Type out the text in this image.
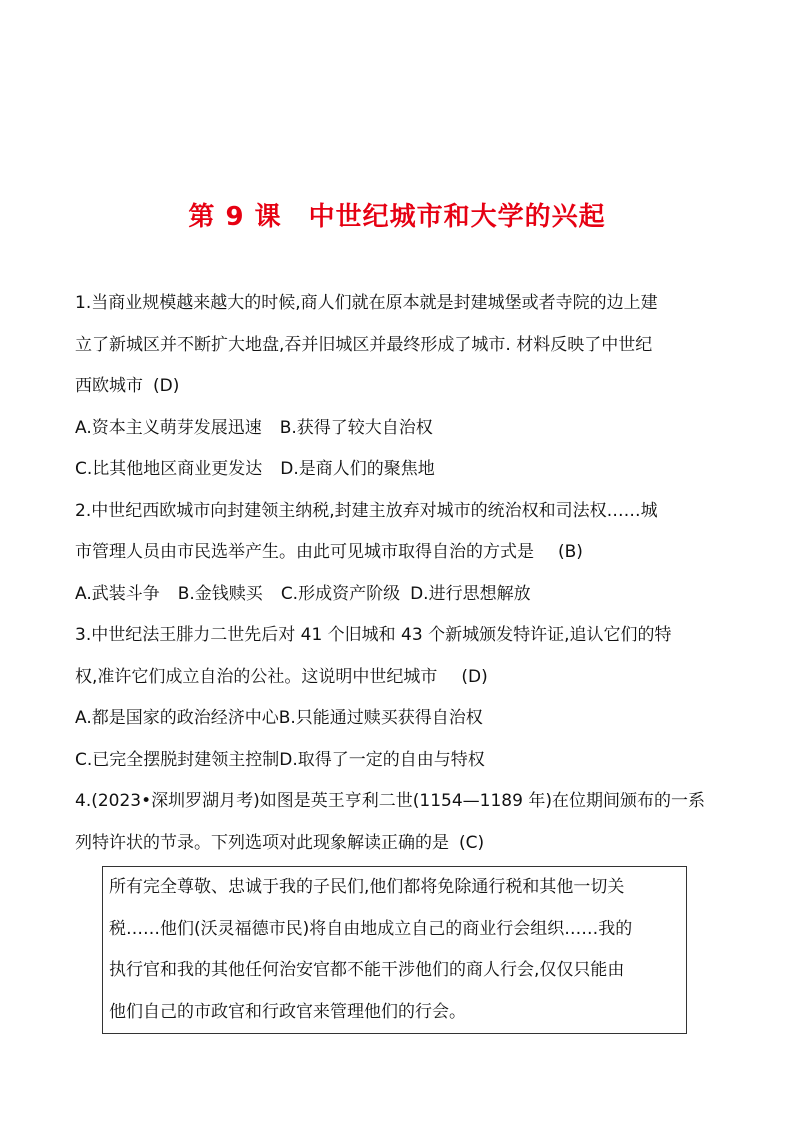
第 9 课　中世纪城市和大学的兴起
1.当商业规模越来越大的时候,商人们就在原本就是封建城堡或者寺院的边上建
立了新城区并不断扩大地盘,吞并旧城区并最终形成了城市. 材料反映了中世纪
西欧城市 (D)
A.资本主义萌芽发展迅速 B.获得了较大自治权
C.比其他地区商业更发达 D.是商人们的聚焦地
2.中世纪西欧城市向封建领主纳税,封建主放弃对城市的统治权和司法权……城
市管理人员由市民选举产生。由此可见城市取得自治的方式是 (B)
A.武装斗争 B.金钱赎买 C.形成资产阶级 D.进行思想解放
3.中世纪法王腓力二世先后对 41 个旧城和 43 个新城颁发特许证,追认它们的特
权,准许它们成立自治的公社。这说明中世纪城市 (D)
A.都是国家的政治经济中心B.只能通过赎买获得自治权
C.已完全摆脱封建领主控制D.取得了一定的自由与特权
4.(2023•深圳罗湖月考)如图是英王亨利二世(1154—1189 年)在位期间颁布的一系
列特许状的节录。下列选项对此现象解读正确的是 (C)
所有完全尊敬、忠诚于我的子民们,他们都将免除通行税和其他一切关
税……他们(沃灵福德市民)将自由地成立自己的商业行会组织……我的
执行官和我的其他任何治安官都不能干涉他们的商人行会,仅仅只能由
他们自己的市政官和行政官来管理他们的行会。
